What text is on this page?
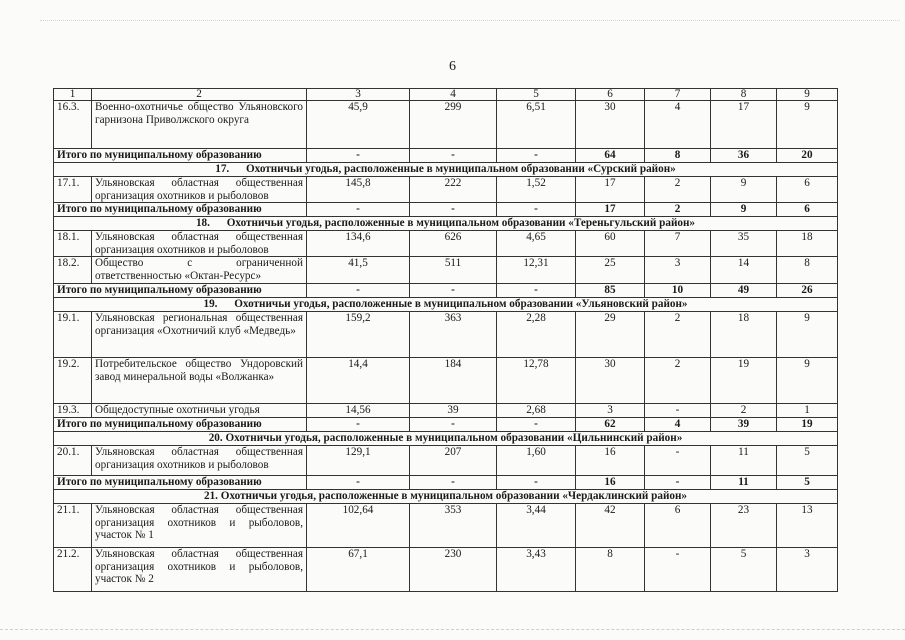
6
1	2	3	4	5	6	7	8	9
16.3.	Военно-охотничье общество Ульяновского гарнизона Приволжского округа	45,9	299	6,51	30	4	17	9
Итого по муниципальному образованию		-	-	-	64	8	36	20
17.      Охотничьи угодья, расположенные в муниципальном образовании «Сурский район»								
17.1.	Ульяновская областная общественная организация охотников и рыболовов	145,8	222	1,52	17	2	9	6
Итого по муниципальному образованию		-	-	-	17	2	9	6
18.      Охотничьи угодья, расположенные в муниципальном образовании «Тереньгульский район»								
18.1.	Ульяновская областная общественная организация охотников и рыболовов	134,6	626	4,65	60	7	35	18
18.2.	Общество с ограниченной ответственностью «Октан-Ресурс»	41,5	511	12,31	25	3	14	8
Итого по муниципальному образованию		-	-	-	85	10	49	26
19.      Охотничьи угодья, расположенные в муниципальном образовании «Ульяновский район»								
19.1.	Ульяновская региональная общественная организация «Охотничий клуб «Медведь»	159,2	363	2,28	29	2	18	9
19.2.	Потребительское общество Ундоровский завод минеральной воды «Волжанка»	14,4	184	12,78	30	2	19	9
19.3.	Общедоступные охотничьи угодья	14,56	39	2,68	3	-	2	1
Итого по муниципальному образованию		-	-	-	62	4	39	19
20. Охотничьи угодья, расположенные в муниципальном образовании «Цильнинский район»								
20.1.	Ульяновская областная общественная организация охотников и рыболовов	129,1	207	1,60	16	-	11	5
Итого по муниципальному образованию		-	-	-	16	-	11	5
21. Охотничьи угодья, расположенные в муниципальном образовании «Чердаклинский район»								
21.1.	Ульяновская областная общественная организация охотников и рыболовов, участок № 1	102,64	353	3,44	42	6	23	13
21.2.	Ульяновская областная общественная организация охотников и рыболовов, участок № 2	67,1	230	3,43	8	-	5	3
